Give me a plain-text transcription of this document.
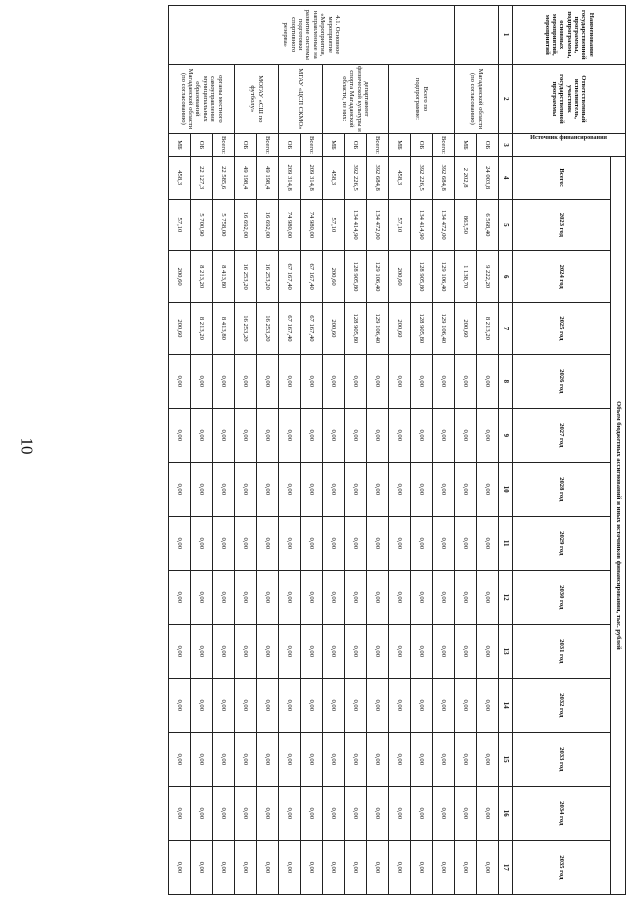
10
Наименование государственной программы, подпрограммы, основных мероприятий, мероприятий	Ответственный исполнитель, участник государственной программы	Источник финансирования	Объем бюджетных ассигнований и иных источников финансирования, тыс. рублей													
			Всего:	2023 год	2024 год	2025 год	2026 год	2027 год	2028 год	2029 год	2030 год	2031 год	2032 год	2033 год	2034 год	2035 год
1	2	3	4	5	6	7	8	9	10	11	12	13	14	15	16	17
	Магаданской области (по согласованию)	ОБ	24 003,8	6 568,40	9 222,20	8 213,20	0,00	0,00	0,00	0,00	0,00	0,00	0,00	0,00	0,00	0,00
		МБ	2 202,8	863,50	1 138,70	200,60	0,00	0,00	0,00	0,00	0,00	0,00	0,00	0,00	0,00	0,00
4.1. Основное мероприятие «Мероприятия, направленные на развитие системы подготовки спортивного резерва»	Всего по подпрограмме:	Всего:	392 684,8	134 472,00	129 106,40	129 106,40	0,00	0,00	0,00	0,00	0,00	0,00	0,00	0,00	0,00	0,00
		ОБ	392 226,5	134 414,90	128 905,80	128 905,80	0,00	0,00	0,00	0,00	0,00	0,00	0,00	0,00	0,00	0,00
		МБ	458,3	57,10	200,60	200,60	0,00	0,00	0,00	0,00	0,00	0,00	0,00	0,00	0,00	0,00
	департамент физической культуры и спорта Магаданской области, из них:	Всего:	392 684,8	134 472,00	129 106,40	129 106,40	0,00	0,00	0,00	0,00	0,00	0,00	0,00	0,00	0,00	0,00
		ОБ	392 226,5	134 414,90	128 905,80	128 905,80	0,00	0,00	0,00	0,00	0,00	0,00	0,00	0,00	0,00	0,00
		МБ	458,3	57,10	200,60	200,60	0,00	0,00	0,00	0,00	0,00	0,00	0,00	0,00	0,00	0,00
	МГАУ «ЦСП СКМО»	Всего:	209 314,8	74 980,00	67 167,40	67 167,40	0,00	0,00	0,00	0,00	0,00	0,00	0,00	0,00	0,00	0,00
		ОБ	209 314,8	74 980,00	67 167,40	67 167,40	0,00	0,00	0,00	0,00	0,00	0,00	0,00	0,00	0,00	0,00
	МОГАУ «СШ по футболу»	Всего:	49 198,4	16 692,00	16 253,20	16 253,20	0,00	0,00	0,00	0,00	0,00	0,00	0,00	0,00	0,00	0,00
		ОБ	49 198,4	16 692,00	16 253,20	16 253,20	0,00	0,00	0,00	0,00	0,00	0,00	0,00	0,00	0,00	0,00
	органы местного самоуправления муниципальных образований Магаданской области (по согласованию)	Всего:	22 585,6	5 758,00	8 413,80	8 413,80	0,00	0,00	0,00	0,00	0,00	0,00	0,00	0,00	0,00	0,00
		ОБ	22 127,3	5 700,90	8 213,20	8 213,20	0,00	0,00	0,00	0,00	0,00	0,00	0,00	0,00	0,00	0,00
		МБ	458,3	57,10	200,60	200,60	0,00	0,00	0,00	0,00	0,00	0,00	0,00	0,00	0,00	0,00
